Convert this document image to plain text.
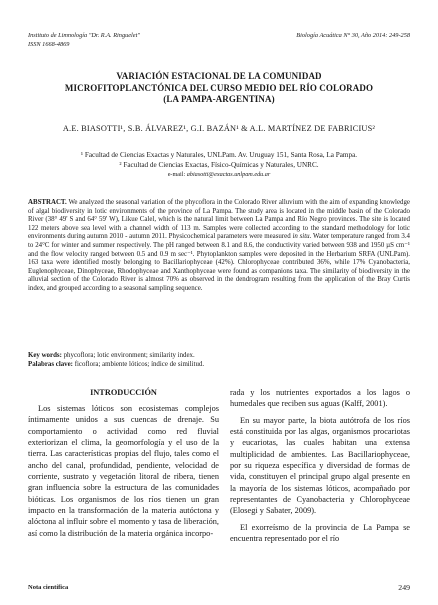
Instituto de Limnología "Dr. R.A. Ringuelet"
ISSN 1668-4869
Biología Acuática N° 30, Año 2014: 249-258
VARIACIÓN ESTACIONAL DE LA COMUNIDAD
MICROFITOPLANCTÓNICA DEL CURSO MEDIO DEL RÍO COLORADO
(LA PAMPA-ARGENTINA)
A.E. BIASOTTI¹, S.B. ÁLVAREZ¹, G.I. BAZÁN¹ & A.L. MARTÍNEZ DE FABRICIUS²
¹ Facultad de Ciencias Exactas y Naturales, UNLPam. Av. Uruguay 151, Santa Rosa, La Pampa.
² Facultad de Ciencias Exactas, Físico-Químicas y Naturales, UNRC.
e-mail: abiasotti@exactas.unlpam.edu.ar
ABSTRACT. We analyzed the seasonal variation of the phycoflora in the Colorado River alluvium with the aim of expanding knowledge of algal biodiversity in lotic environments of the province of La Pampa. The study area is located in the middle basin of the Colorado River (38° 49' S and 64° 59' W), Likue Calel, which is the natural limit between La Pampa and Río Negro provinces. The site is located 122 meters above sea level with a channel width of 113 m. Samples were collected according to the standard methodology for lotic environments during autumn 2010 - autumn 2011. Physicochemical parameters were measured in situ. Water temperature ranged from 3.4 to 24°C for winter and summer respectively. The pH ranged between 8.1 and 8.6, the conductivity varied between 938 and 1950 µS cm⁻¹ and the flow velocity ranged between 0.5 and 0.9 m sec⁻¹. Phytoplankton samples were deposited in the Herbarium SRFA (UNLPam). 163 taxa were identified mostly belonging to Bacillariophyceae (42%). Chlorophyceae contributed 36%, while 17% Cyanobacteria, Euglenophyceae, Dinophyceae, Rhodophyceae and Xanthophyceae were found as companions taxa. The similarity of biodiversity in the alluvial section of the Colorado River is almost 70% as observed in the dendrogram resulting from the application of the Bray Curtis index, and grouped according to a seasonal sampling sequence.
Key words: phycoflora; lotic environment; similarity index.
Palabras clave: ficoflora; ambiente lóticos; índice de similitud.
INTRODUCCIÓN

Los sistemas lóticos son ecosistemas complejos íntimamente unidos a sus cuencas de drenaje. Su comportamiento o actividad como red fluvial exteriorizan el clima, la geomorfología y el uso de la tierra. Las características propias del flujo, tales como el ancho del canal, profundidad, pendiente, velocidad de corriente, sustrato y vegetación litoral de ribera, tienen gran influencia sobre la estructura de las comunidades bióticas. Los organismos de los ríos tienen un gran impacto en la transformación de la materia autóctona y alóctona al influir sobre el momento y tasa de liberación, así como la distribución de la materia orgánica incorpo-

rada y los nutrientes exportados a los lagos o humedales que reciben sus aguas (Kalff, 2001).

En su mayor parte, la biota autótrofa de los ríos está constituida por las algas, organismos procariotas y eucariotas, las cuales habitan una extensa multiplicidad de ambientes. Las Bacillariophyceae, por su riqueza específica y diversidad de formas de vida, constituyen el principal grupo algal presente en la mayoría de los sistemas lóticos, acompañado por representantes de Cyanobacteria y Chlorophyceae (Elosegi y Sabater, 2009).

El exorreísmo de la provincia de La Pampa se encuentra representado por el río

Nota científica	249
